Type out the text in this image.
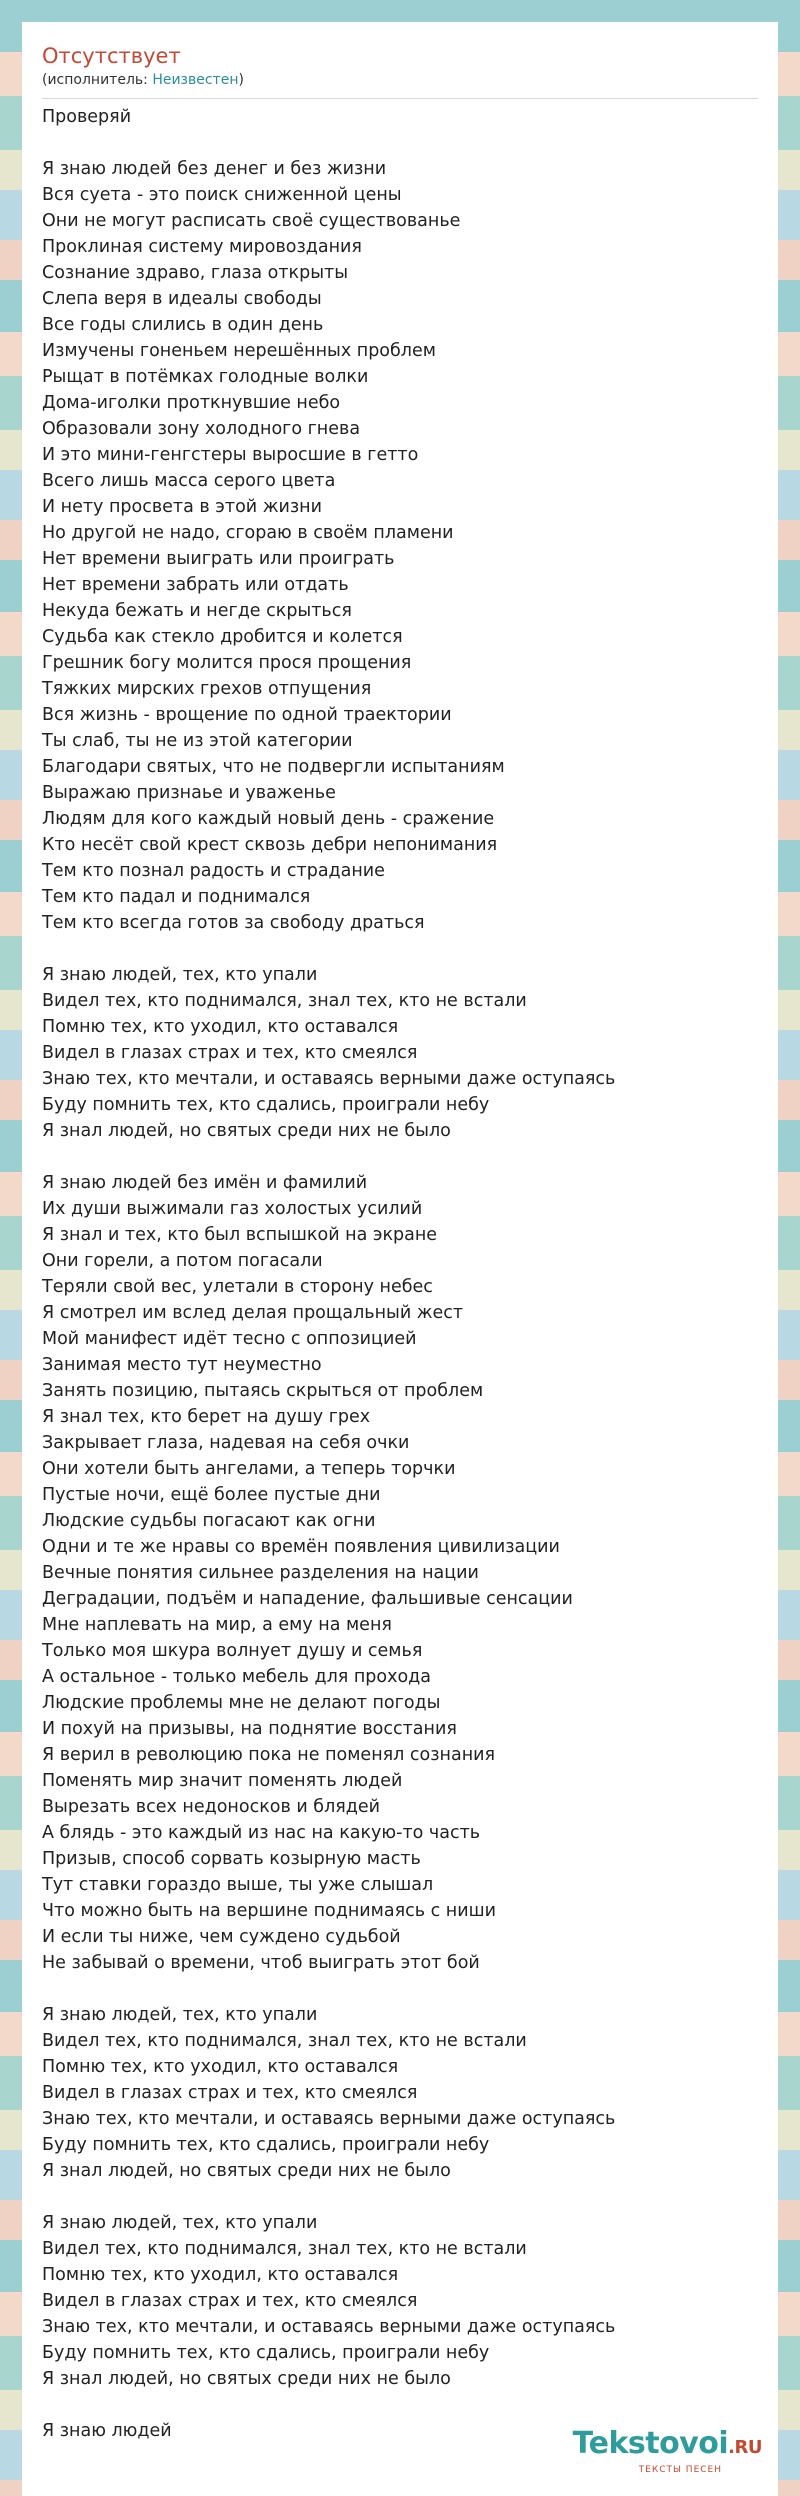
Отсутствует
(исполнитель: Неизвестен)
Проверяй
Я знаю людей без денег и без жизни
Вся суета - это поиск сниженной цены
Они не могут расписать своё существованье
Проклиная систему мировоздания
Сознание здраво, глаза открыты
Слепа веря в идеалы свободы
Все годы слились в один день
Измучены гоненьем нерешённых проблем
Рыщат в потёмках голодные волки
Дома-иголки проткнувшие небо
Образовали зону холодного гнева
И это мини-генгстеры выросшие в гетто
Всего лишь масса серого цвета
И нету просвета в этой жизни
Но другой не надо, сгораю в своём пламени
Нет времени выиграть или проиграть
Нет времени забрать или отдать
Некуда бежать и негде скрыться
Судьба как стекло дробится и колется
Грешник богу молится прося прощения
Тяжких мирских грехов отпущения
Вся жизнь - врощение по одной траектории
Ты слаб, ты не из этой категории
Благодари святых, что не подвергли испытаниям
Выражаю признаье и уваженье
Людям для кого каждый новый день - сражение
Кто несёт свой крест сквозь дебри непонимания
Тем кто познал радость и страдание
Тем кто падал и поднимался
Тем кто всегда готов за свободу драться
Я знаю людей, тех, кто упали
Видел тех, кто поднимался, знал тех, кто не встали
Помню тех, кто уходил, кто оставался
Видел в глазах страх и тех, кто смеялся
Знаю тех, кто мечтали, и оставаясь верными даже оступаясь
Буду помнить тех, кто сдались, проиграли небу
Я знал людей, но святых среди них не было
Я знаю людей без имён и фамилий
Их души выжимали газ холостых усилий
Я знал и тех, кто был вспышкой на экране
Они горели, а потом погасали
Теряли свой вес, улетали в сторону небес
Я смотрел им вслед делая прощальный жест
Мой манифест идёт тесно с оппозицией
Занимая место тут неуместно
Занять позицию, пытаясь скрыться от проблем
Я знал тех, кто берет на душу грех
Закрывает глаза, надевая на себя очки
Они хотели быть ангелами, а теперь торчки
Пустые ночи, ещё более пустые дни
Людские судьбы погасают как огни
Одни и те же нравы со времён появления цивилизации
Вечные понятия сильнее разделения на нации
Деградации, подъём и нападение, фальшивые сенсации
Мне наплевать на мир, а ему на меня
Только моя шкура волнует душу и семья
А остальное - только мебель для прохода
Людские проблемы мне не делают погоды
И похуй на призывы, на поднятие восстания
Я верил в революцию пока не поменял сознания
Поменять мир значит поменять людей
Вырезать всех недоносков и блядей
А блядь - это каждый из нас на какую-то часть
Призыв, способ сорвать козырную масть
Тут ставки гораздо выше, ты уже слышал
Что можно быть на вершине поднимаясь с ниши
И если ты ниже, чем суждено судьбой
Не забывай о времени, чтоб выиграть этот бой
Я знаю людей, тех, кто упали
Видел тех, кто поднимался, знал тех, кто не встали
Помню тех, кто уходил, кто оставался
Видел в глазах страх и тех, кто смеялся
Знаю тех, кто мечтали, и оставаясь верными даже оступаясь
Буду помнить тех, кто сдались, проиграли небу
Я знал людей, но святых среди них не было
Я знаю людей, тех, кто упали
Видел тех, кто поднимался, знал тех, кто не встали
Помню тех, кто уходил, кто оставался
Видел в глазах страх и тех, кто смеялся
Знаю тех, кто мечтали, и оставаясь верными даже оступаясь
Буду помнить тех, кто сдались, проиграли небу
Я знал людей, но святых среди них не было
Я знаю людей	Tekstovoi.RU
ТЕКСТЫ ПЕСЕН
